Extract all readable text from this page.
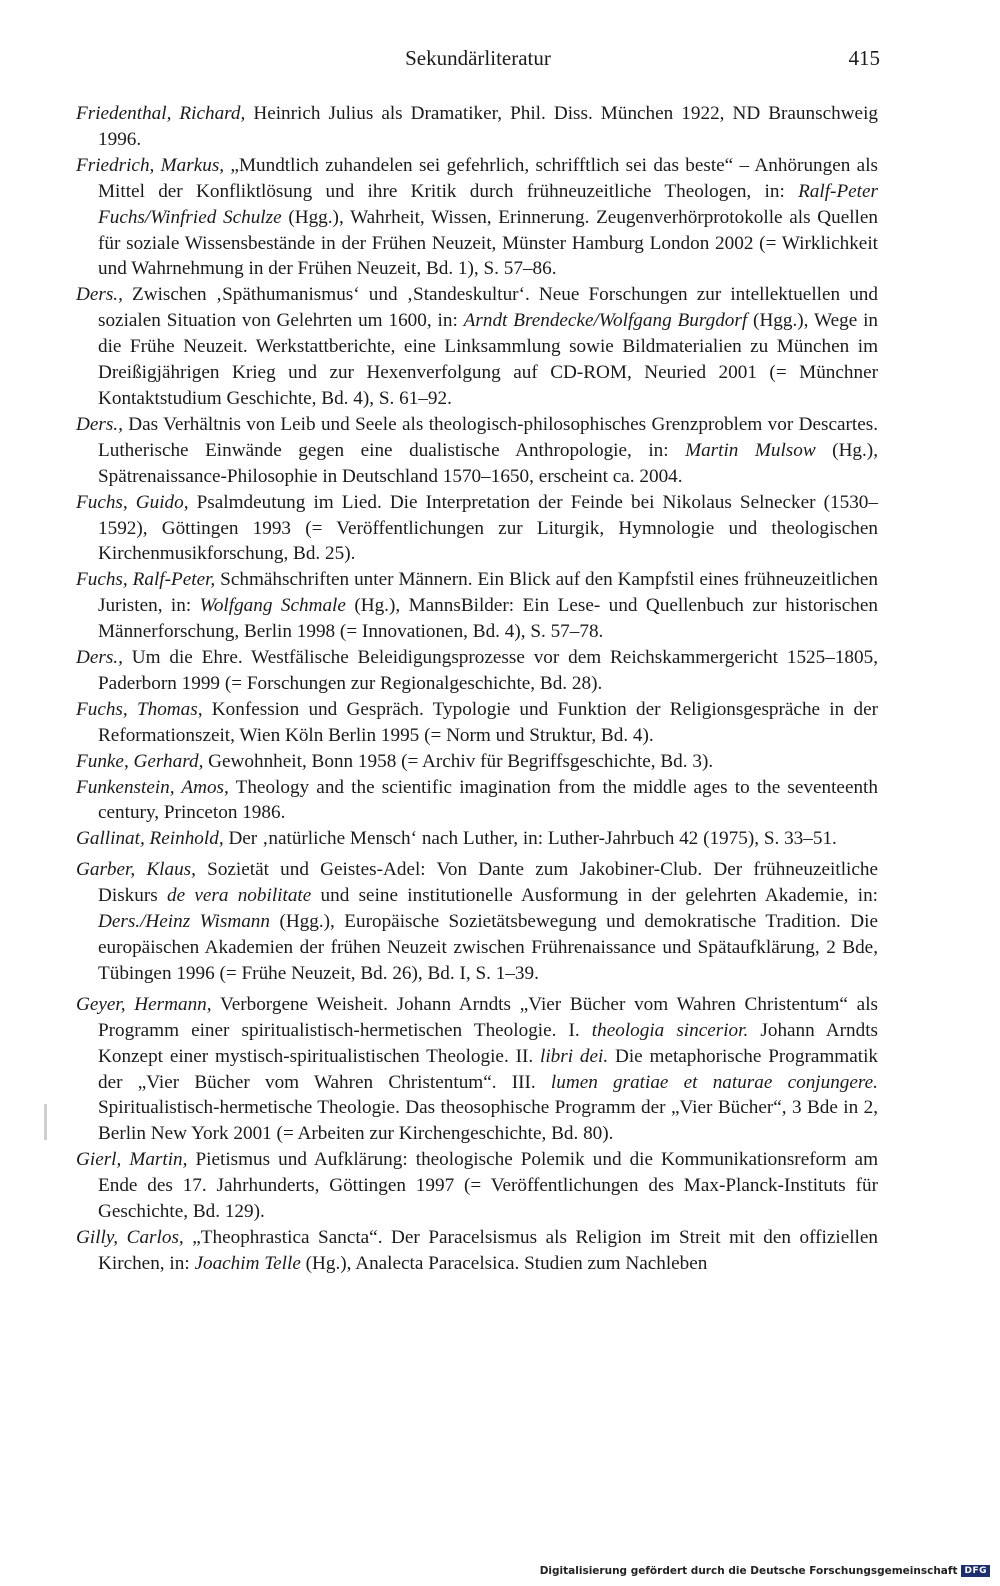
Sekundärliteratur	415

Friedenthal, Richard, Heinrich Julius als Dramatiker, Phil. Diss. München 1922, ND Braunschweig 1996.

Friedrich, Markus, „Mundtlich zuhandelen sei gefehrlich, schrifftlich sei das beste“ – Anhörungen als Mittel der Konfliktlösung und ihre Kritik durch frühneuzeitliche Theologen, in: Ralf-Peter Fuchs/Winfried Schulze (Hgg.), Wahrheit, Wissen, Erinnerung. Zeugenverhörprotokolle als Quellen für soziale Wissensbestände in der Frühen Neuzeit, Münster Hamburg London 2002 (= Wirklichkeit und Wahrnehmung in der Frühen Neuzeit, Bd. 1), S. 57–86.

Ders., Zwischen ‚Späthumanismus‘ und ‚Standeskultur‘. Neue Forschungen zur intellektuellen und sozialen Situation von Gelehrten um 1600, in: Arndt Brendecke/Wolfgang Burgdorf (Hgg.), Wege in die Frühe Neuzeit. Werkstattberichte, eine Linksammlung sowie Bildmaterialien zu München im Dreißigjährigen Krieg und zur Hexenverfolgung auf CD-ROM, Neuried 2001 (= Münchner Kontaktstudium Geschichte, Bd. 4), S. 61–92.

Ders., Das Verhältnis von Leib und Seele als theologisch-philosophisches Grenzproblem vor Descartes. Lutherische Einwände gegen eine dualistische Anthropologie, in: Martin Mulsow (Hg.), Spätrenaissance-Philosophie in Deutschland 1570–1650, erscheint ca. 2004.

Fuchs, Guido, Psalmdeutung im Lied. Die Interpretation der Feinde bei Nikolaus Selnecker (1530–1592), Göttingen 1993 (= Veröffentlichungen zur Liturgik, Hymnologie und theologischen Kirchenmusikforschung, Bd. 25).

Fuchs, Ralf-Peter, Schmähschriften unter Männern. Ein Blick auf den Kampfstil eines frühneuzeitlichen Juristen, in: Wolfgang Schmale (Hg.), MannsBilder: Ein Lese- und Quellenbuch zur historischen Männerforschung, Berlin 1998 (= Innovationen, Bd. 4), S. 57–78.

Ders., Um die Ehre. Westfälische Beleidigungsprozesse vor dem Reichskammergericht 1525–1805, Paderborn 1999 (= Forschungen zur Regionalgeschichte, Bd. 28).

Fuchs, Thomas, Konfession und Gespräch. Typologie und Funktion der Religionsgespräche in der Reformationszeit, Wien Köln Berlin 1995 (= Norm und Struktur, Bd. 4).

Funke, Gerhard, Gewohnheit, Bonn 1958 (= Archiv für Begriffsgeschichte, Bd. 3).

Funkenstein, Amos, Theology and the scientific imagination from the middle ages to the seventeenth century, Princeton 1986.

Gallinat, Reinhold, Der ‚natürliche Mensch‘ nach Luther, in: Luther-Jahrbuch 42 (1975), S. 33–51.

Garber, Klaus, Sozietät und Geistes-Adel: Von Dante zum Jakobiner-Club. Der frühneuzeitliche Diskurs de vera nobilitate und seine institutionelle Ausformung in der gelehrten Akademie, in: Ders./Heinz Wismann (Hgg.), Europäische Sozietätsbewegung und demokratische Tradition. Die europäischen Akademien der frühen Neuzeit zwischen Frührenaissance und Spätaufklärung, 2 Bde, Tübingen 1996 (= Frühe Neuzeit, Bd. 26), Bd. I, S. 1–39.

Geyer, Hermann, Verborgene Weisheit. Johann Arndts „Vier Bücher vom Wahren Christentum“ als Programm einer spiritualistisch-hermetischen Theologie. I. theologia sincerior. Johann Arndts Konzept einer mystisch-spiritualistischen Theologie. II. libri dei. Die metaphorische Programmatik der „Vier Bücher vom Wahren Christentum“. III. lumen gratiae et naturae conjungere. Spiritualistisch-hermetische Theologie. Das theosophische Programm der „Vier Bücher“, 3 Bde in 2, Berlin New York 2001 (= Arbeiten zur Kirchengeschichte, Bd. 80).

Gierl, Martin, Pietismus und Aufklärung: theologische Polemik und die Kommunikationsreform am Ende des 17. Jahrhunderts, Göttingen 1997 (= Veröffentlichungen des Max-Planck-Instituts für Geschichte, Bd. 129).

Gilly, Carlos, „Theophrastica Sancta“. Der Paracelsismus als Religion im Streit mit den offiziellen Kirchen, in: Joachim Telle (Hg.), Analecta Paracelsica. Studien zum Nachleben

Digitalisierung gefördert durch die Deutsche Forschungsgemeinschaft DFG
